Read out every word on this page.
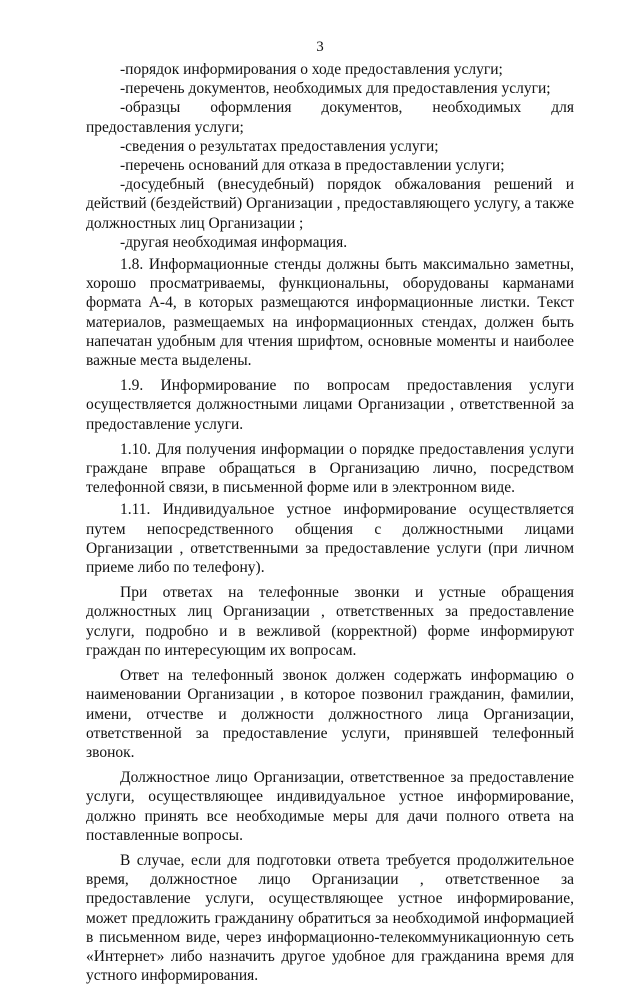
3

-порядок информирования о ходе предоставления услуги;

-перечень документов, необходимых для предоставления услуги;

-образцы оформления документов, необходимых для предоставления услуги;

-сведения о результатах предоставления услуги;

-перечень оснований для отказа в предоставлении услуги;

-досудебный (внесудебный) порядок обжалования решений и действий (бездействий) Организации , предоставляющего услугу, а также должностных лиц Организации ;

-другая необходимая информация.

1.8. Информационные стенды должны быть максимально заметны, хорошо просматриваемы, функциональны, оборудованы карманами формата А-4, в которых размещаются информационные листки. Текст материалов, размещаемых на информационных стендах, должен быть напечатан удобным для чтения шрифтом, основные моменты и наиболее важные места выделены.

1.9. Информирование по вопросам предоставления услуги осуществляется должностными лицами Организации , ответственной за предоставление услуги.

1.10. Для получения информации о порядке предоставления услуги граждане вправе обращаться в Организацию лично, посредством телефонной связи, в письменной форме или в электронном виде.

1.11. Индивидуальное устное информирование осуществляется путем непосредственного общения с должностными лицами Организации , ответственными за предоставление услуги (при личном приеме либо по телефону).

При ответах на телефонные звонки и устные обращения должностных лиц Организации , ответственных за предоставление услуги, подробно и в вежливой (корректной) форме информируют граждан по интересующим их вопросам.

Ответ на телефонный звонок должен содержать информацию о наименовании Организации , в которое позвонил гражданин, фамилии, имени, отчестве и должности должностного лица Организации, ответственной за предоставление услуги, принявшей телефонный звонок.

Должностное лицо Организации, ответственное за предоставление услуги, осуществляющее индивидуальное устное информирование, должно принять все необходимые меры для дачи полного ответа на поставленные вопросы.

В случае, если для подготовки ответа требуется продолжительное время, должностное лицо Организации , ответственное за предоставление услуги, осуществляющее устное информирование, может предложить гражданину обратиться за необходимой информацией в письменном виде, через информационно-телекоммуникационную сеть «Интернет» либо назначить другое удобное для гражданина время для устного информирования.
